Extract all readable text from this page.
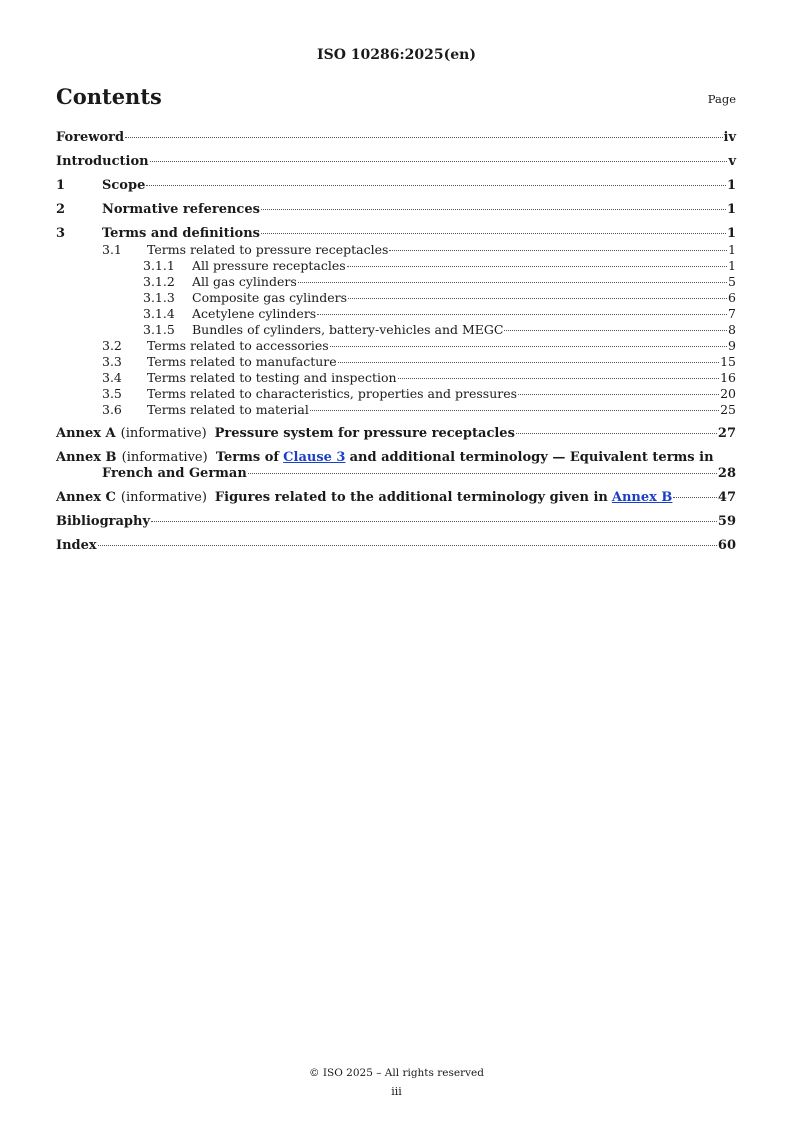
ISO 10286:2025(en)
Contents	Page
Foreword	iv
Introduction	v
1	Scope	1
2	Normative references	1
3	Terms and definitions	1
3.1	Terms related to pressure receptacles	1
3.1.1	All pressure receptacles	1
3.1.2	All gas cylinders	5
3.1.3	Composite gas cylinders	6
3.1.4	Acetylene cylinders	7
3.1.5	Bundles of cylinders, battery-vehicles and MEGC	8
3.2	Terms related to accessories	9
3.3	Terms related to manufacture	15
3.4	Terms related to testing and inspection	16
3.5	Terms related to characteristics, properties and pressures	20
3.6	Terms related to material	25
Annex A (informative) Pressure system for pressure receptacles	27
Annex B (informative) Terms of Clause 3 and additional terminology — Equivalent terms in
French and German	28
Annex C (informative) Figures related to the additional terminology given in Annex B	47
Bibliography	59
Index	60
© ISO 2025 – All rights reserved
iii
